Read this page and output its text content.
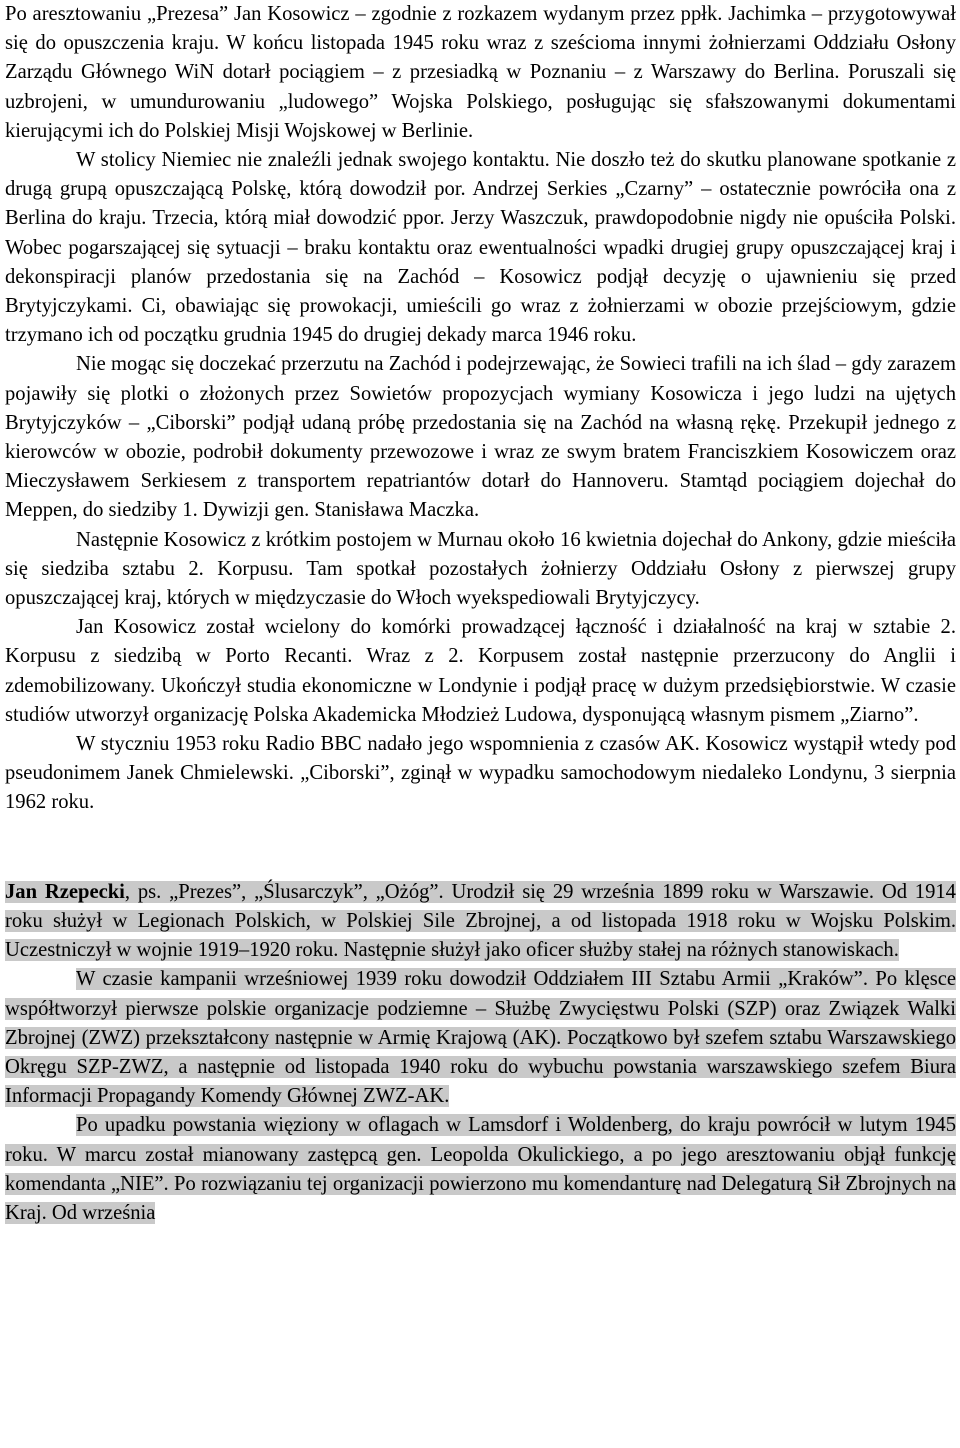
Po aresztowaniu „Prezesa” Jan Kosowicz – zgodnie z rozkazem wydanym przez ppłk. Jachimka – przygotowywał się do opuszczenia kraju. W końcu listopada 1945 roku wraz z sześcioma innymi żołnierzami Oddziału Osłony Zarządu Głównego WiN dotarł pociągiem – z przesiadką w Poznaniu – z Warszawy do Berlina. Poruszali się uzbrojeni, w umundurowaniu „ludowego” Wojska Polskiego, posługując się sfałszowanymi dokumentami kierującymi ich do Polskiej Misji Wojskowej w Berlinie.

W stolicy Niemiec nie znaleźli jednak swojego kontaktu. Nie doszło też do skutku planowane spotkanie z drugą grupą opuszczającą Polskę, którą dowodził por. Andrzej Serkies „Czarny” – ostatecznie powróciła ona z Berlina do kraju. Trzecia, którą miał dowodzić ppor. Jerzy Waszczuk, prawdopodobnie nigdy nie opuściła Polski. Wobec pogarszającej się sytuacji – braku kontaktu oraz ewentualności wpadki drugiej grupy opuszczającej kraj i dekonspiracji planów przedostania się na Zachód – Kosowicz podjął decyzję o ujawnieniu się przed Brytyjczykami. Ci, obawiając się prowokacji, umieścili go wraz z żołnierzami w obozie przejściowym, gdzie trzymano ich od początku grudnia 1945 do drugiej dekady marca 1946 roku.

Nie mogąc się doczekać przerzutu na Zachód i podejrzewając, że Sowieci trafili na ich ślad – gdy zarazem pojawiły się plotki o złożonych przez Sowietów propozycjach wymiany Kosowicza i jego ludzi na ujętych Brytyjczyków – „Ciborski” podjął udaną próbę przedostania się na Zachód na własną rękę. Przekupił jednego z kierowców w obozie, podrobił dokumenty przewozowe i wraz ze swym bratem Franciszkiem Kosowiczem oraz Mieczysławem Serkiesem z transportem repatriantów dotarł do Hannoveru. Stamtąd pociągiem dojechał do Meppen, do siedziby 1. Dywizji gen. Stanisława Maczka.

Następnie Kosowicz z krótkim postojem w Murnau około 16 kwietnia dojechał do Ankony, gdzie mieściła się siedziba sztabu 2. Korpusu. Tam spotkał pozostałych żołnierzy Oddziału Osłony z pierwszej grupy opuszczającej kraj, których w międzyczasie do Włoch wyekspediowali Brytyjczycy.

Jan Kosowicz został wcielony do komórki prowadzącej łączność i działalność na kraj w sztabie 2. Korpusu z siedzibą w Porto Recanti. Wraz z 2. Korpusem został następnie przerzucony do Anglii i zdemobilizowany. Ukończył studia ekonomiczne w Londynie i podjął pracę w dużym przedsiębiorstwie. W czasie studiów utworzył organizację Polska Akademicka Młodzież Ludowa, dysponującą własnym pismem „Ziarno”.

W styczniu 1953 roku Radio BBC nadało jego wspomnienia z czasów AK. Kosowicz wystąpił wtedy pod pseudonimem Janek Chmielewski. „Ciborski”, zginął w wypadku samochodowym niedaleko Londynu, 3 sierpnia 1962 roku.

Jan Rzepecki, ps. „Prezes”, „Ślusarczyk”, „Ożóg”. Urodził się 29 września 1899 roku w Warszawie. Od 1914 roku służył w Legionach Polskich, w Polskiej Sile Zbrojnej, a od listopada 1918 roku w Wojsku Polskim. Uczestniczył w wojnie 1919–1920 roku. Następnie służył jako oficer służby stałej na różnych stanowiskach.

W czasie kampanii wrześniowej 1939 roku dowodził Oddziałem III Sztabu Armii „Kraków”. Po klęsce współtworzył pierwsze polskie organizacje podziemne – Służbę Zwycięstwu Polski (SZP) oraz Związek Walki Zbrojnej (ZWZ) przekształcony następnie w Armię Krajową (AK). Początkowo był szefem sztabu Warszawskiego Okręgu SZP-ZWZ, a następnie od listopada 1940 roku do wybuchu powstania warszawskiego szefem Biura Informacji Propagandy Komendy Głównej ZWZ-AK.

Po upadku powstania więziony w oflagach w Lamsdorf i Woldenberg, do kraju powrócił w lutym 1945 roku. W marcu został mianowany zastępcą gen. Leopolda Okulickiego, a po jego aresztowaniu objął funkcję komendanta „NIE”. Po rozwiązaniu tej organizacji powierzono mu komendanturę nad Delegaturą Sił Zbrojnych na Kraj. Od września
